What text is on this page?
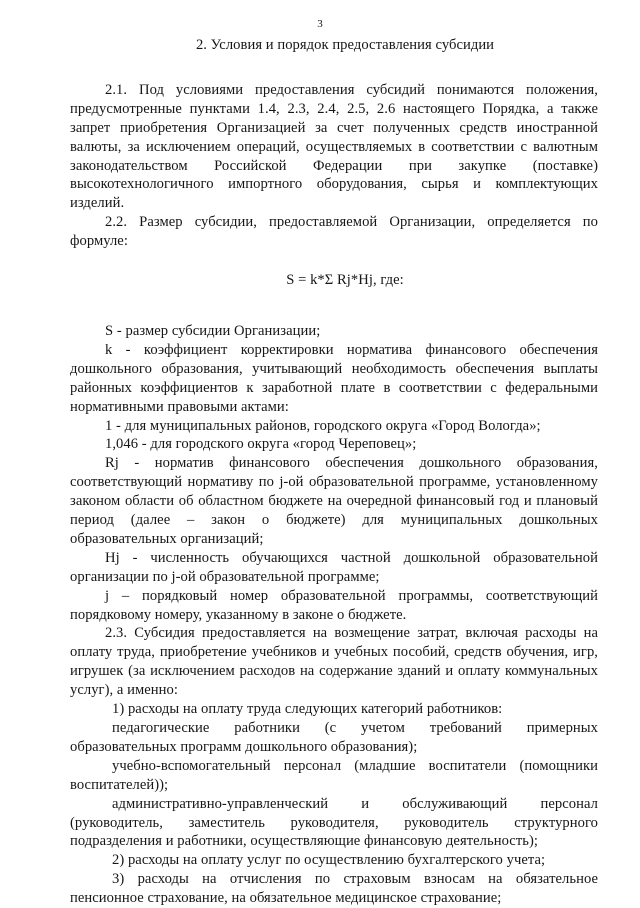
3
2. Условия и порядок предоставления субсидии

2.1. Под условиями предоставления субсидий понимаются положения, предусмотренные пунктами 1.4, 2.3, 2.4, 2.5, 2.6 настоящего Порядка, а также запрет приобретения Организацией за счет полученных средств иностранной валюты, за исключением операций, осуществляемых в соответствии с валютным законодательством Российской Федерации при закупке (поставке) высокотехнологичного импортного оборудования, сырья и комплектующих изделий.

2.2. Размер субсидии, предоставляемой Организации, определяется по формуле:

S = k*Σ Rj*Hj, где:

S - размер субсидии Организации;

k - коэффициент корректировки норматива финансового обеспечения дошкольного образования, учитывающий необходимость обеспечения выплаты районных коэффициентов к заработной плате в соответствии с федеральными нормативными правовыми актами:

1 - для муниципальных районов, городского округа «Город Вологда»;

1,046 - для городского округа «город Череповец»;

Rj - норматив финансового обеспечения дошкольного образования, соответствующий нормативу по j-ой образовательной программе, установленному законом области об областном бюджете на очередной финансовый год и плановый период (далее – закон о бюджете) для муниципальных дошкольных образовательных организаций;

Hj - численность обучающихся частной дошкольной образовательной организации по j-ой образовательной программе;

j – порядковый номер образовательной программы, соответствующий порядковому номеру, указанному в законе о бюджете.

2.3. Субсидия предоставляется на возмещение затрат, включая расходы на оплату труда, приобретение учебников и учебных пособий, средств обучения, игр, игрушек (за исключением расходов на содержание зданий и оплату коммунальных услуг), а именно:

1) расходы на оплату труда следующих категорий работников:

педагогические работники (с учетом требований примерных образовательных программ дошкольного образования);

учебно-вспомогательный персонал (младшие воспитатели (помощники воспитателей));

административно-управленческий и обслуживающий персонал (руководитель, заместитель руководителя, руководитель структурного подразделения и работники, осуществляющие финансовую деятельность);

2) расходы на оплату услуг по осуществлению бухгалтерского учета;

3) расходы на отчисления по страховым взносам на обязательное пенсионное страхование, на обязательное медицинское страхование;
